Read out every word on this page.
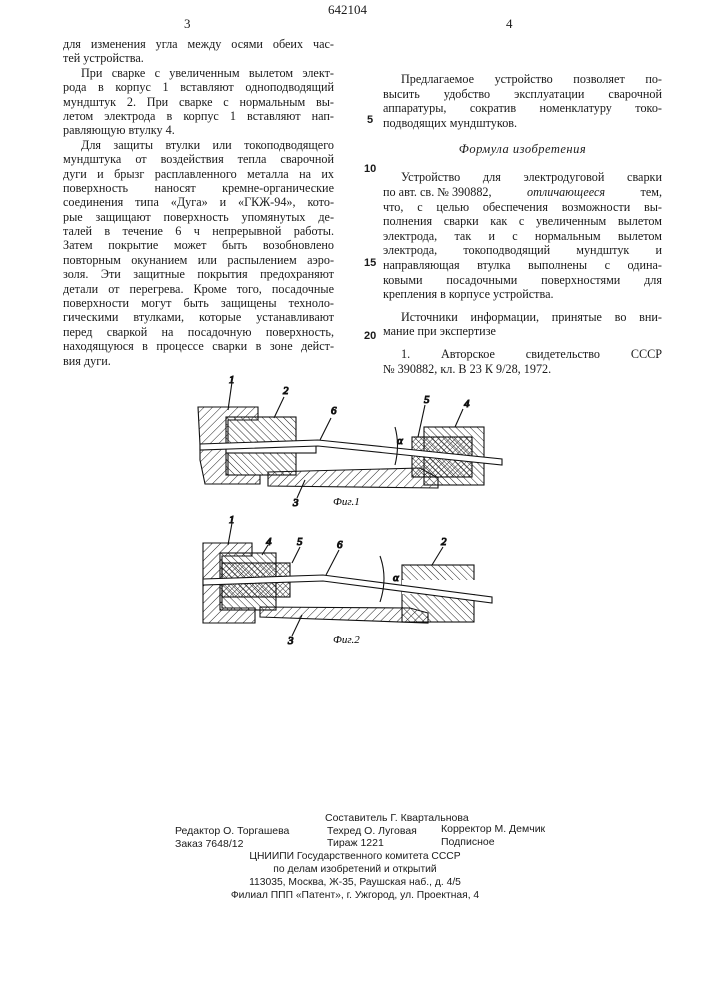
642104
3	4
для изменения угла между осями обеих час-
тей устройства.
При сварке с увеличенным вылетом элект-
рода в корпус 1 вставляют одноподводящий
мундштук 2. При сварке с нормальным вы-
летом электрода в корпус 1 вставляют нап-
равляющую втулку 4.
Для защиты втулки или токоподводящего
мундштука от воздействия тепла сварочной
дуги и брызг расплавленного металла на их
поверхность наносят кремне-органические
соединения типа «Дуга» и «ГКЖ-94», кото-
рые защищают поверхность упомянутых де-
талей в течение 6 ч непрерывной работы.
Затем покрытие может быть возобновлено
повторным окунанием или распылением аэро-
золя. Эти защитные покрытия предохраняют
детали от перегрева. Кроме того, посадочные
поверхности могут быть защищены техноло-
гическими втулками, которые устанавливают
перед сваркой на посадочную поверхность,
находящуюся в процессе сварки в зоне дейст-
вия дуги.
5
10
15
20
Предлагаемое устройство позволяет по-
высить удобство эксплуатации сварочной
аппаратуры, сократив номенклатуру токо-
подводящих мундштуков.
Формула изобретения
Устройство для электродуговой сварки
по авт. св. № 390882,	отличающееся	тем,
что, с целью обеспечения возможности вы-
полнения сварки как с увеличенным вылетом
электрода, так и с нормальным вылетом
электрода, токоподводящий мундштук и
направляющая втулка выполнены с одина-
ковыми посадочными поверхностями для
крепления в корпусе устройства.
Источники информации, принятые во вни-
мание при экспертизе
1. Авторское свидетельство СССР
№ 390882, кл. В 23 К 9/28, 1972.
1
2
6
5	4
α
3	Фиг.1
1
4 5	6	2
α
3	Фиг.2
Составитель Г. Квартальнова
Редактор О. Торгашева	Техред О. Луговая Корректор М. Демчик
Заказ 7648/12	Тираж 1221	Подписное
ЦНИИПИ Государственного комитета СССР
по делам изобретений и открытий
113035, Москва, Ж-35, Раушская наб., д. 4/5
Филиал ППП «Патент», г. Ужгород, ул. Проектная, 4
